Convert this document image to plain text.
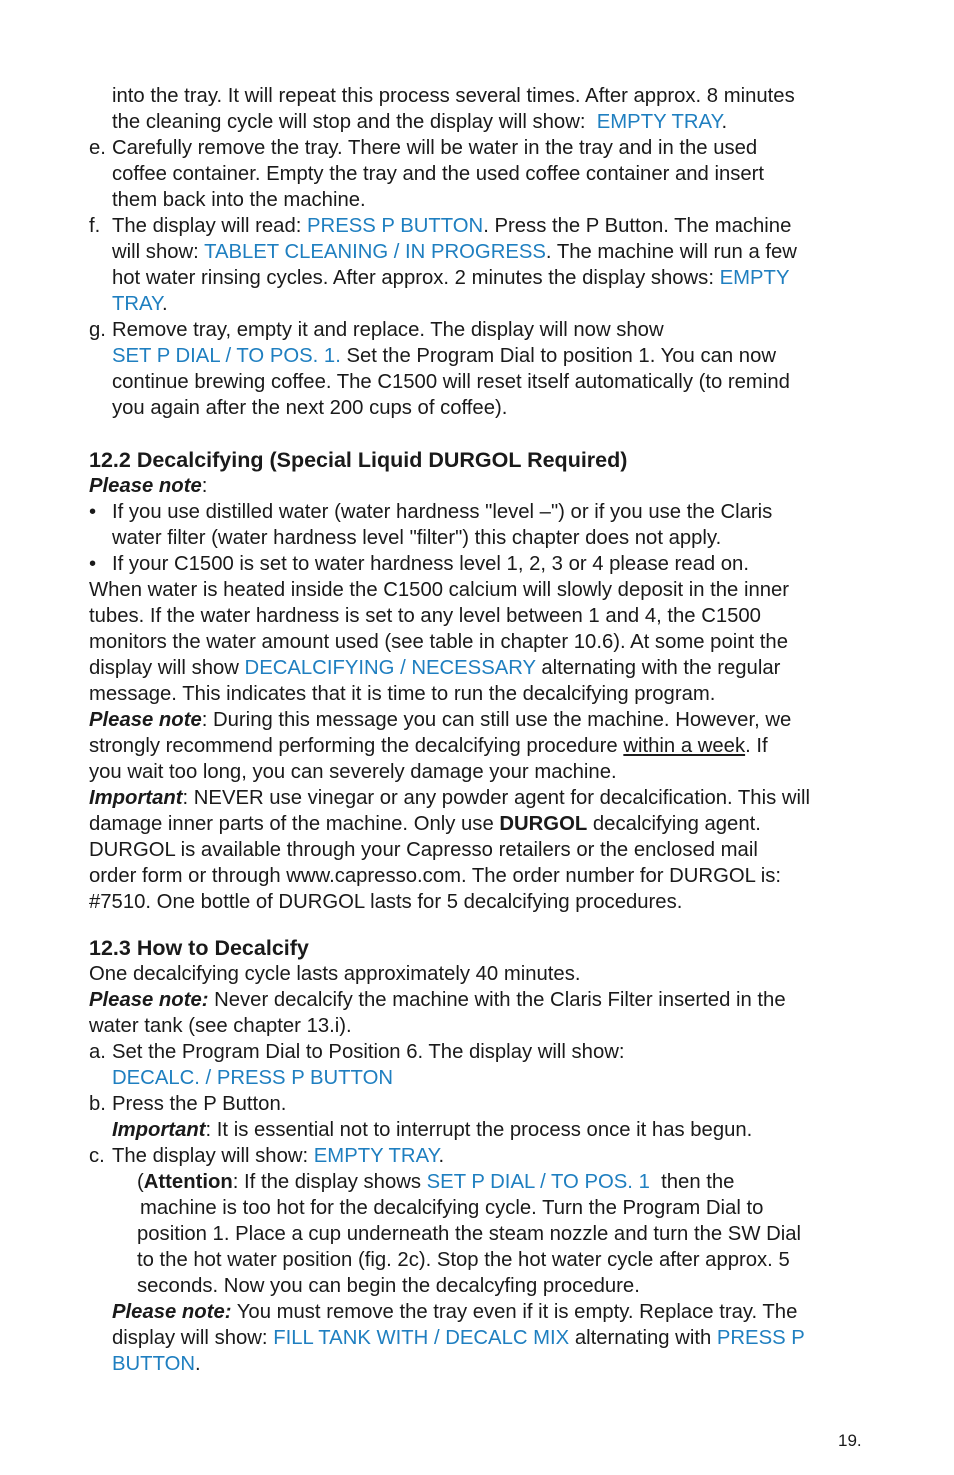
into the tray. It will repeat this process several times. After approx. 8 minutes
the cleaning cycle will stop and the display will show:  EMPTY TRAY.
e. Carefully remove the tray. There will be water in the tray and in the used
coffee container. Empty the tray and the used coffee container and insert
them back into the machine.
f. The display will read: PRESS P BUTTON. Press the P Button. The machine
will show: TABLET CLEANING / IN PROGRESS. The machine will run a few
hot water rinsing cycles. After approx. 2 minutes the display shows: EMPTY
TRAY.
g. Remove tray, empty it and replace. The display will now show
SET P DIAL / TO POS. 1. Set the Program Dial to position 1. You can now
continue brewing coffee. The C1500 will reset itself automatically (to remind
you again after the next 200 cups of coffee).
12.2 Decalcifying (Special Liquid DURGOL Required)
Please note:
• If you use distilled water (water hardness "level –") or if you use the Claris
water filter (water hardness level "filter") this chapter does not apply.
• If your C1500 is set to water hardness level 1, 2, 3 or 4 please read on.
When water is heated inside the C1500 calcium will slowly deposit in the inner
tubes. If the water hardness is set to any level between 1 and 4, the C1500
monitors the water amount used (see table in chapter 10.6). At some point the
display will show DECALCIFYING / NECESSARY alternating with the regular
message. This indicates that it is time to run the decalcifying program.
Please note: During this message you can still use the machine. However, we
strongly recommend performing the decalcifying procedure within a week. If
you wait too long, you can severely damage your machine.
Important: NEVER use vinegar or any powder agent for decalcification. This will
damage inner parts of the machine. Only use DURGOL decalcifying agent.
DURGOL is available through your Capresso retailers or the enclosed mail
order form or through www.capresso.com. The order number for DURGOL is:
#7510. One bottle of DURGOL lasts for 5 decalcifying procedures.
12.3 How to Decalcify
One decalcifying cycle lasts approximately 40 minutes.
Please note: Never decalcify the machine with the Claris Filter inserted in the
water tank (see chapter 13.i).
a. Set the Program Dial to Position 6. The display will show:
DECALC. / PRESS P BUTTON
b. Press the P Button.
Important: It is essential not to interrupt the process once it has begun.
c. The display will show: EMPTY TRAY.
(Attention: If the display shows SET P DIAL / TO POS. 1  then the
machine is too hot for the decalcifying cycle. Turn the Program Dial to
position 1. Place a cup underneath the steam nozzle and turn the SW Dial
to the hot water position (fig. 2c). Stop the hot water cycle after approx. 5
seconds. Now you can begin the decalcyfing procedure.
Please note: You must remove the tray even if it is empty. Replace tray. The
display will show: FILL TANK WITH / DECALC MIX alternating with PRESS P
BUTTON.
19.
